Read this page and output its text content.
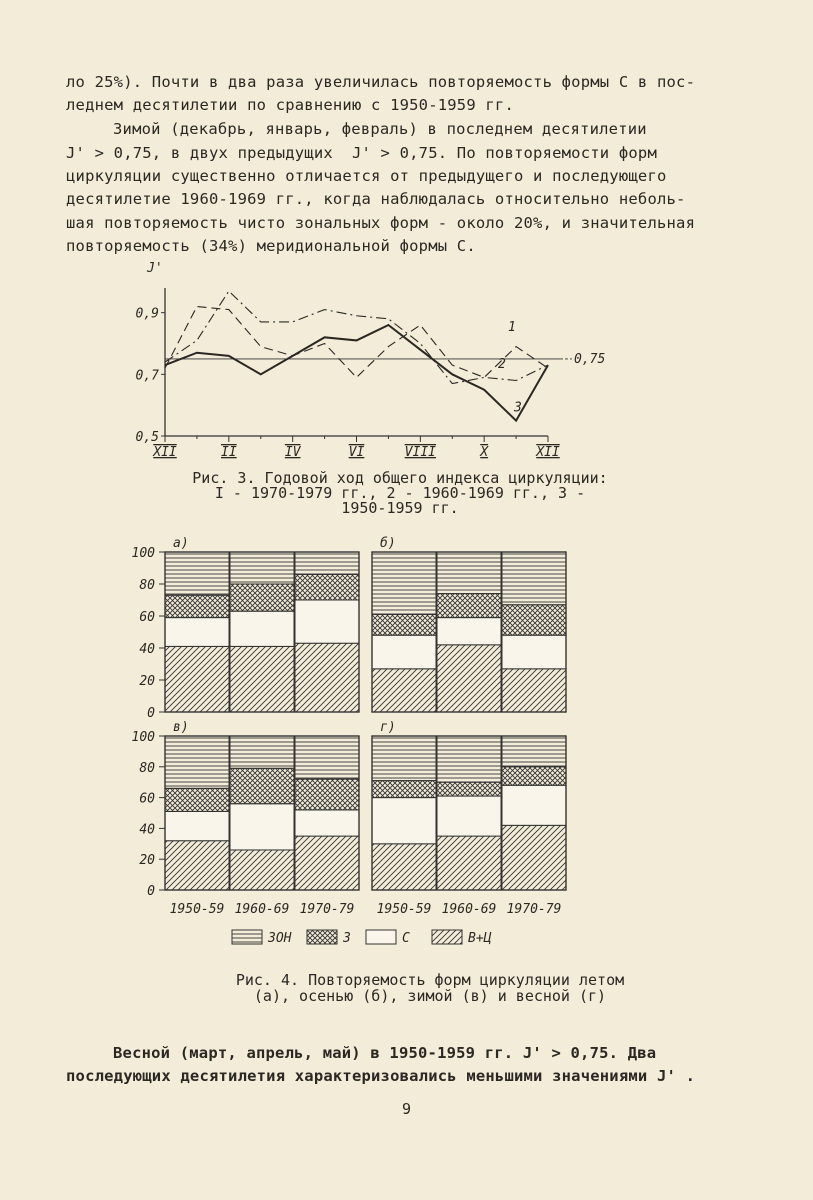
ло 25%). Почти в два раза увеличилась повторяемость формы С в пос-
леднем десятилетии по сравнению с 1950-1959 гг.
Зимой (декабрь, январь, февраль) в последнем десятилетии
J' > 0,75, в двух предыдущих  J' > 0,75. По повторяемости форм
циркуляции существенно отличается от предыдущего и последующего
десятилетие 1960-1969 гг., когда наблюдалась относительно неболь-
шая повторяемость чисто зональных форм - около 20%, и значительная
повторяемость (34%) меридиональной формы С.
J'
0,5
0,7
0,9
XII	II	IV	VI	VIII	X	XII
0,75
1
2
3
Рис. 3. Годовой ход общего индекса циркуляции:
I - 1970-1979 гг., 2 - 1960-1969 гг., 3 -
1950-1959 гг.
а)
0
20
40
60
80
100
б)
в)
0
20
40
60
80
100
г)
1950-59 1960-69 1970-79 1950-59 1960-69 1970-79
ЗОН	З	С	В+Ц
Рис. 4. Повторяемость форм циркуляции летом
(а), осенью (б), зимой (в) и весной (г)
Весной (март, апрель, май) в 1950-1959 гг. J' > 0,75. Два
последующих десятилетия характеризовались меньшими значениями J' .
9
